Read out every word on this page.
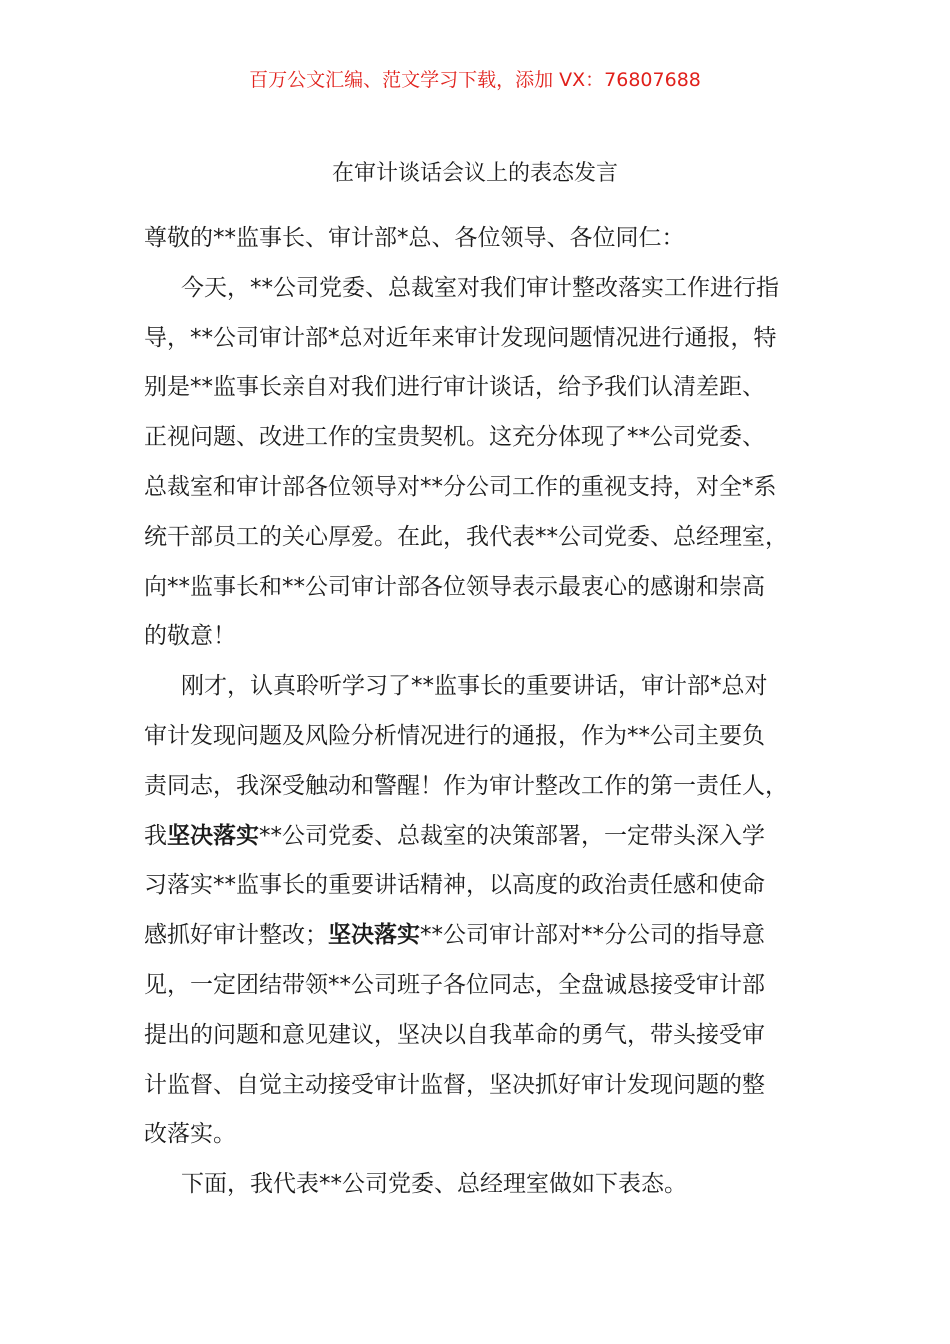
百万公文汇编、范文学习下载，添加 VX：76807688
在审计谈话会议上的表态发言
尊敬的**监事长、审计部*总、各位领导、各位同仁：
今天，**公司党委、总裁室对我们审计整改落实工作进行指
导，**公司审计部*总对近年来审计发现问题情况进行通报，特
别是**监事长亲自对我们进行审计谈话，给予我们认清差距、
正视问题、改进工作的宝贵契机。这充分体现了**公司党委、
总裁室和审计部各位领导对**分公司工作的重视支持，对全*系
统干部员工的关心厚爱。在此，我代表**公司党委、总经理室，
向**监事长和**公司审计部各位领导表示最衷心的感谢和崇高
的敬意！
刚才，认真聆听学习了**监事长的重要讲话，审计部*总对
审计发现问题及风险分析情况进行的通报，作为**公司主要负
责同志，我深受触动和警醒！作为审计整改工作的第一责任人，
我坚决落实**公司党委、总裁室的决策部署，一定带头深入学
习落实**监事长的重要讲话精神，以高度的政治责任感和使命
感抓好审计整改；坚决落实**公司审计部对**分公司的指导意
见，一定团结带领**公司班子各位同志，全盘诚恳接受审计部
提出的问题和意见建议，坚决以自我革命的勇气，带头接受审
计监督、自觉主动接受审计监督，坚决抓好审计发现问题的整
改落实。
下面，我代表**公司党委、总经理室做如下表态。
